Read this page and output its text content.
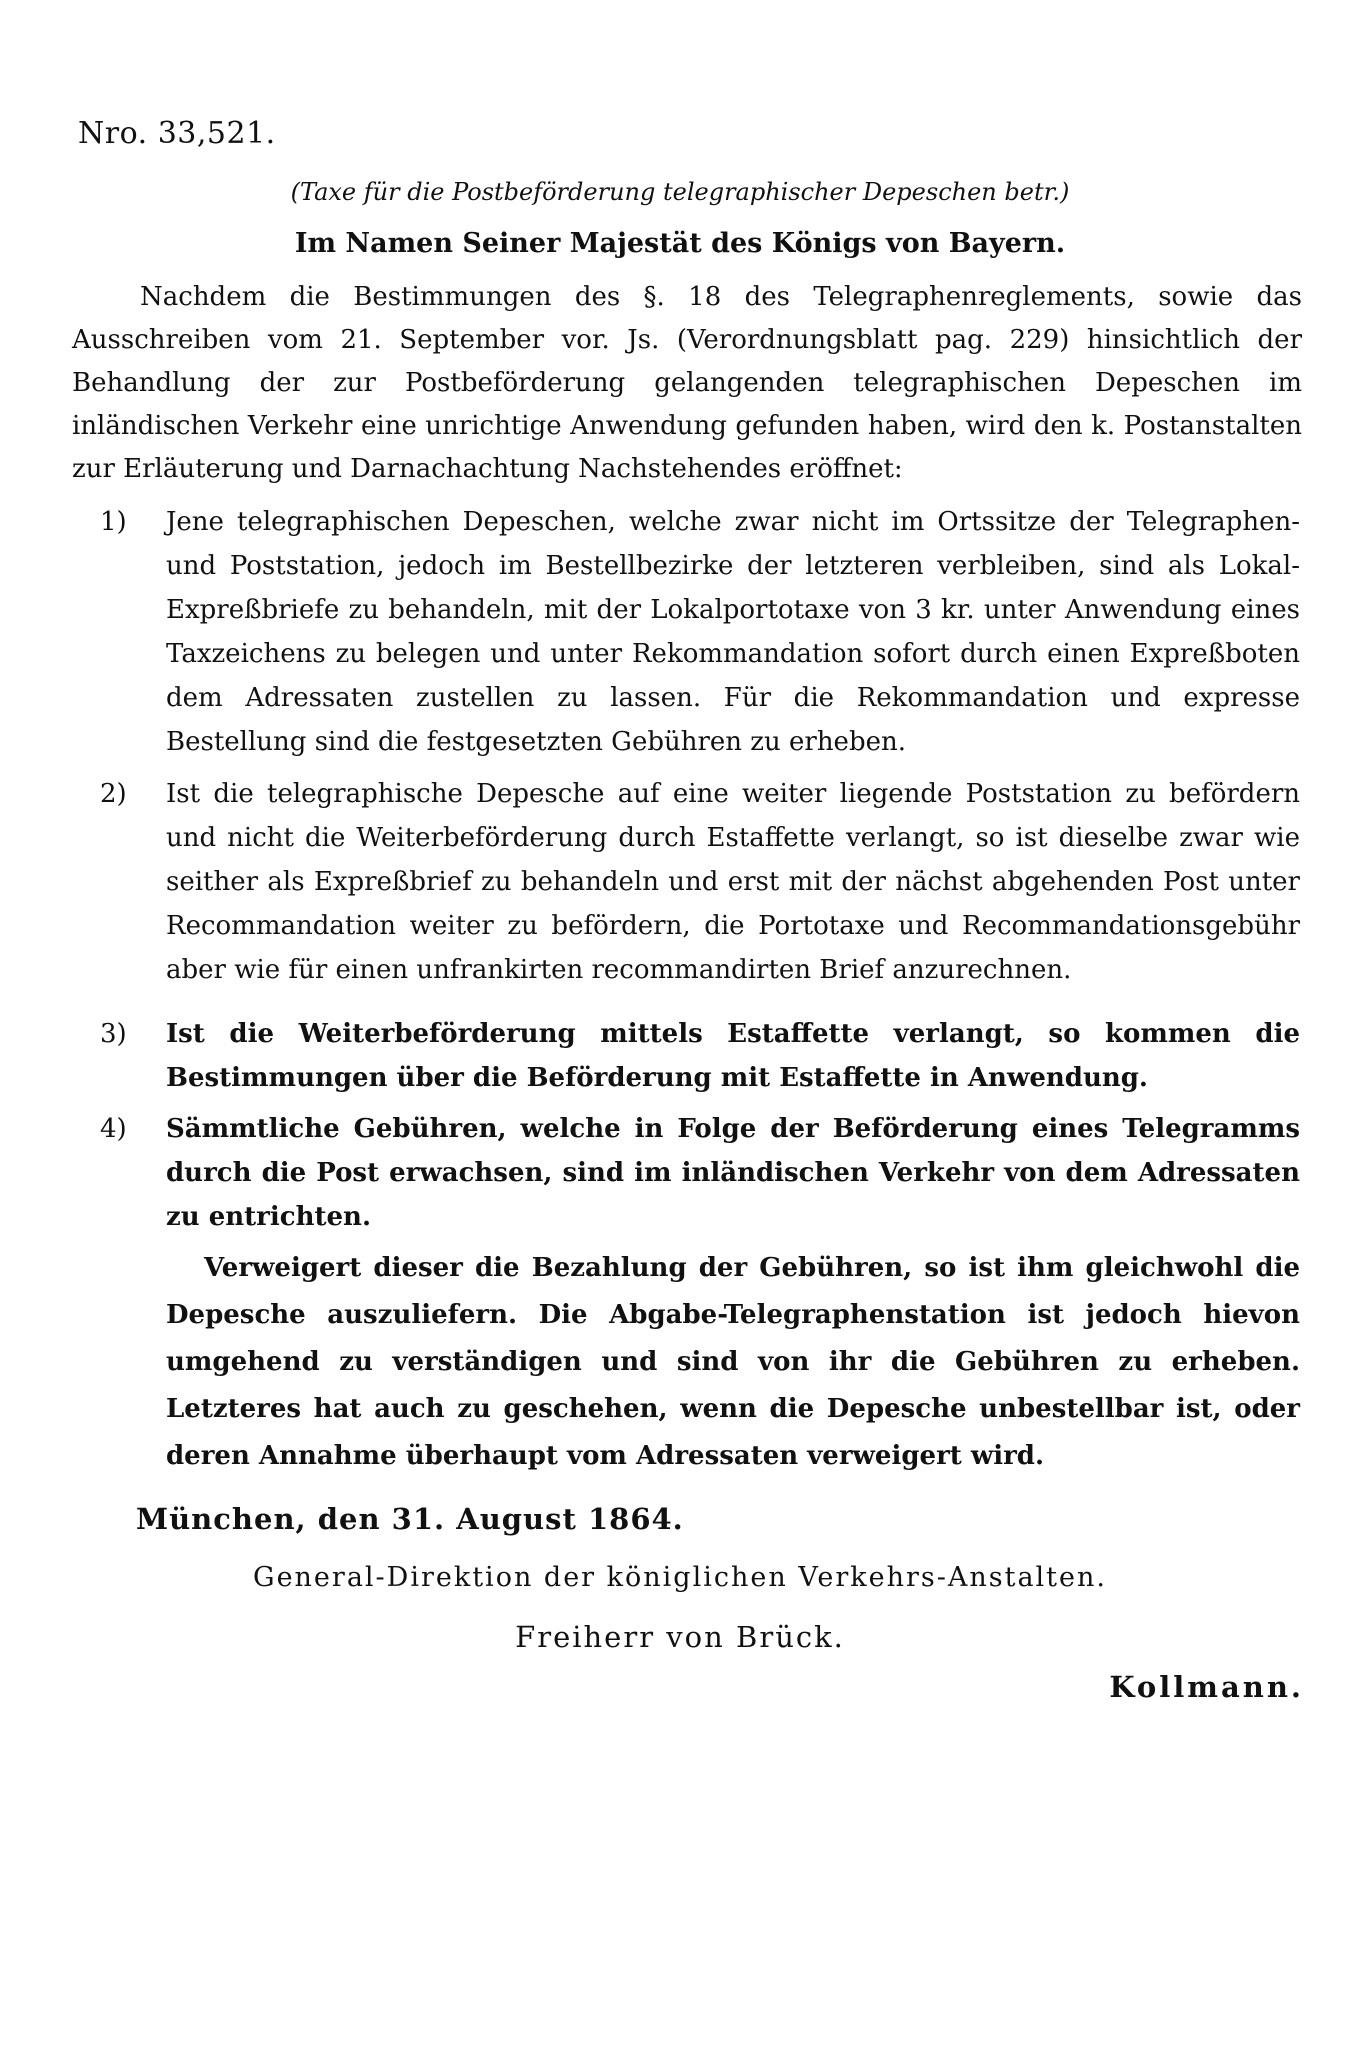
Nro. 33,521.
(Taxe für die Postbeförderung telegraphischer Depeschen betr.)
Im Namen Seiner Majestät des Königs von Bayern.

Nachdem die Bestimmungen des §. 18 des Telegraphenreglements, sowie das Ausschreiben vom 21. September vor. Js. (Verordnungsblatt pag. 229) hinsichtlich der Behandlung der zur Postbeförderung gelangenden telegraphischen Depeschen im inländischen Verkehr eine unrichtige Anwendung gefunden haben, wird den k. Postanstalten zur Erläuterung und Darnachachtung Nachstehendes eröffnet:

1)	Jene telegraphischen Depeschen, welche zwar nicht im Ortssitze der Telegraphen- und Poststation, jedoch im Bestellbezirke der letzteren verbleiben, sind als Lokal-Expreßbriefe zu behandeln, mit der Lokalportotaxe von 3 kr. unter Anwendung eines Taxzeichens zu belegen und unter Rekommandation sofort durch einen Expreßboten dem Adressaten zustellen zu lassen. Für die Rekommandation und expresse Bestellung sind die festgesetzten Gebühren zu erheben.
2)	Ist die telegraphische Depesche auf eine weiter liegende Poststation zu befördern und nicht die Weiterbeförderung durch Estaffette verlangt, so ist dieselbe zwar wie seither als Expreßbrief zu behandeln und erst mit der nächst abgehenden Post unter Recommandation weiter zu befördern, die Portotaxe und Recommandationsgebühr aber wie für einen unfrankirten recommandirten Brief anzurechnen.
3)	Ist die Weiterbeförderung mittels Estaffette verlangt, so kommen die Bestimmungen über die Beförderung mit Estaffette in Anwendung.
4)	Sämmtliche Gebühren, welche in Folge der Beförderung eines Telegramms durch die Post erwachsen, sind im inländischen Verkehr von dem Adressaten zu entrichten.

Verweigert dieser die Bezahlung der Gebühren, so ist ihm gleichwohl die Depesche auszuliefern. Die Abgabe-Telegraphenstation ist jedoch hievon umgehend zu verständigen und sind von ihr die Gebühren zu erheben. Letzteres hat auch zu geschehen, wenn die Depesche unbestellbar ist, oder deren Annahme überhaupt vom Adressaten verweigert wird.

München, den 31. August 1864.
General-Direktion der königlichen Verkehrs-Anstalten.
Freiherr von Brück.
Kollmann.
